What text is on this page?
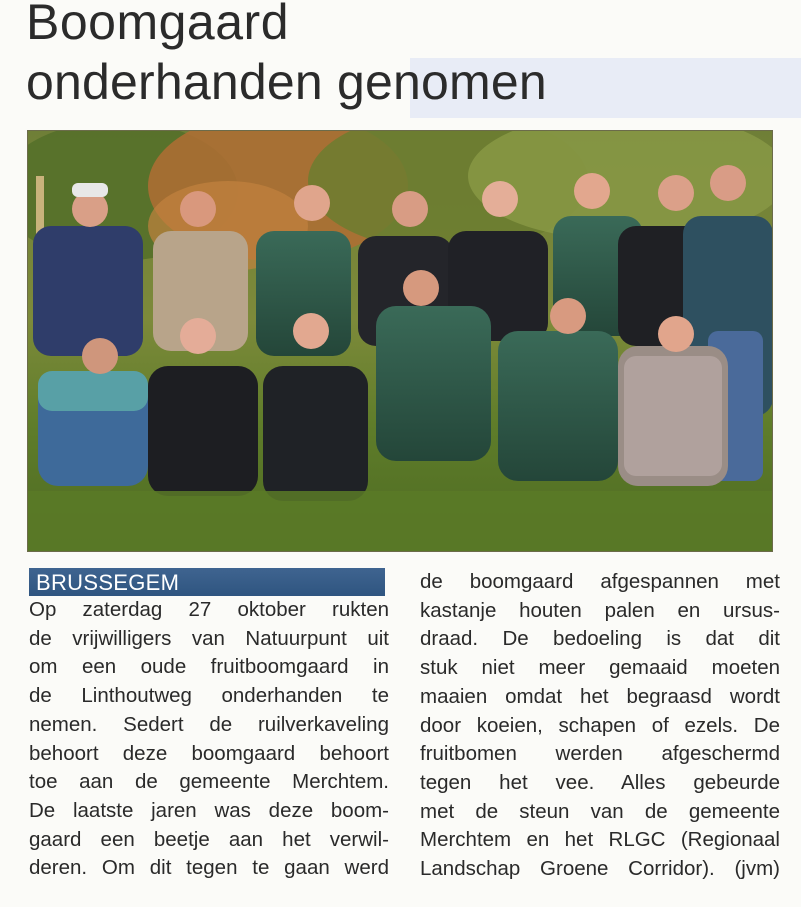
Boomgaard
onderhanden genomen
BRUSSEGEM

Op zaterdag 27 oktober rukten

de vrijwilligers van Natuurpunt uit

om een oude fruitboomgaard in

de Linthoutweg onderhanden te

nemen. Sedert de ruilverkaveling

behoort deze boomgaard behoort

toe aan de gemeente Merchtem.

De laatste jaren was deze boom-

gaard een beetje aan het verwil-

deren. Om dit tegen te gaan werd

de boomgaard afgespannen met

kastanje houten palen en ursus-

draad. De bedoeling is dat dit

stuk niet meer gemaaid moeten

maaien omdat het begraasd wordt

door koeien, schapen of ezels. De

fruitbomen werden afgeschermd

tegen het vee. Alles gebeurde

met de steun van de gemeente

Merchtem en het RLGC (Regionaal

Landschap Groene Corridor). (jvm)
